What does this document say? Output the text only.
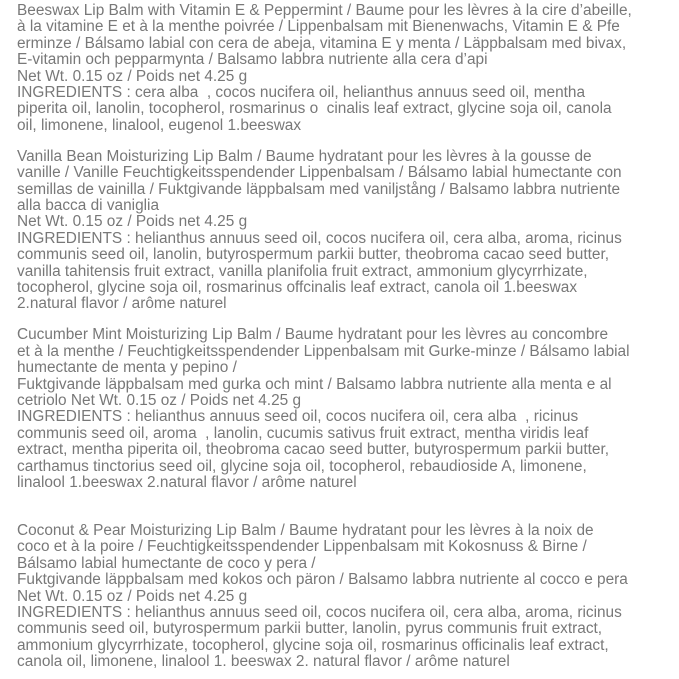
Beeswax Lip Balm with Vitamin E & Peppermint / Baume pour les lèvres à la cire d’abeille,
à la vitamine E et à la menthe poivrée / Lippenbalsam mit Bienenwachs, Vitamin E & Pfe
erminze / Bálsamo labial con cera de abeja, vitamina E y menta / Läppbalsam med bivax,
E-vitamin och pepparmynta / Balsamo labbra nutriente alla cera d’api
Net Wt. 0.15 oz / Poids net 4.25 g
INGREDIENTS : cera alba  , cocos nucifera oil, helianthus annuus seed oil, mentha
piperita oil, lanolin, tocopherol, rosmarinus o  cinalis leaf extract, glycine soja oil, canola
oil, limonene, linalool, eugenol 1.beeswax
Vanilla Bean Moisturizing Lip Balm / Baume hydratant pour les lèvres à la gousse de
vanille / Vanille Feuchtigkeitsspendender Lippenbalsam / Bálsamo labial humectante con
semillas de vainilla / Fuktgivande läppbalsam med vaniljstång / Balsamo labbra nutriente
alla bacca di vaniglia
Net Wt. 0.15 oz / Poids net 4.25 g
INGREDIENTS : helianthus annuus seed oil, cocos nucifera oil, cera alba, aroma, ricinus
communis seed oil, lanolin, butyrospermum parkii butter, theobroma cacao seed butter,
vanilla tahitensis fruit extract, vanilla planifolia fruit extract, ammonium glycyrrhizate,
tocopherol, glycine soja oil, rosmarinus offcinalis leaf extract, canola oil 1.beeswax
2.natural flavor / arôme naturel
Cucumber Mint Moisturizing Lip Balm / Baume hydratant pour les lèvres au concombre
et à la menthe / Feuchtigkeitsspendender Lippenbalsam mit Gurke-minze / Bálsamo labial
humectante de menta y pepino /
Fuktgivande läppbalsam med gurka och mint / Balsamo labbra nutriente alla menta e al
cetriolo Net Wt. 0.15 oz / Poids net 4.25 g
INGREDIENTS : helianthus annuus seed oil, cocos nucifera oil, cera alba  , ricinus
communis seed oil, aroma  , lanolin, cucumis sativus fruit extract, mentha viridis leaf
extract, mentha piperita oil, theobroma cacao seed butter, butyrospermum parkii butter,
carthamus tinctorius seed oil, glycine soja oil, tocopherol, rebaudioside A, limonene,
linalool 1.beeswax 2.natural flavor / arôme naturel
Coconut & Pear Moisturizing Lip Balm / Baume hydratant pour les lèvres à la noix de
coco et à la poire / Feuchtigkeitsspendender Lippenbalsam mit Kokosnuss & Birne /
Bálsamo labial humectante de coco y pera /
Fuktgivande läppbalsam med kokos och päron / Balsamo labbra nutriente al cocco e pera
Net Wt. 0.15 oz / Poids net 4.25 g
INGREDIENTS : helianthus annuus seed oil, cocos nucifera oil, cera alba, aroma, ricinus
communis seed oil, butyrospermum parkii butter, lanolin, pyrus communis fruit extract,
ammonium glycyrrhizate, tocopherol, glycine soja oil, rosmarinus officinalis leaf extract,
canola oil, limonene, linalool 1. beeswax 2. natural flavor / arôme naturel
